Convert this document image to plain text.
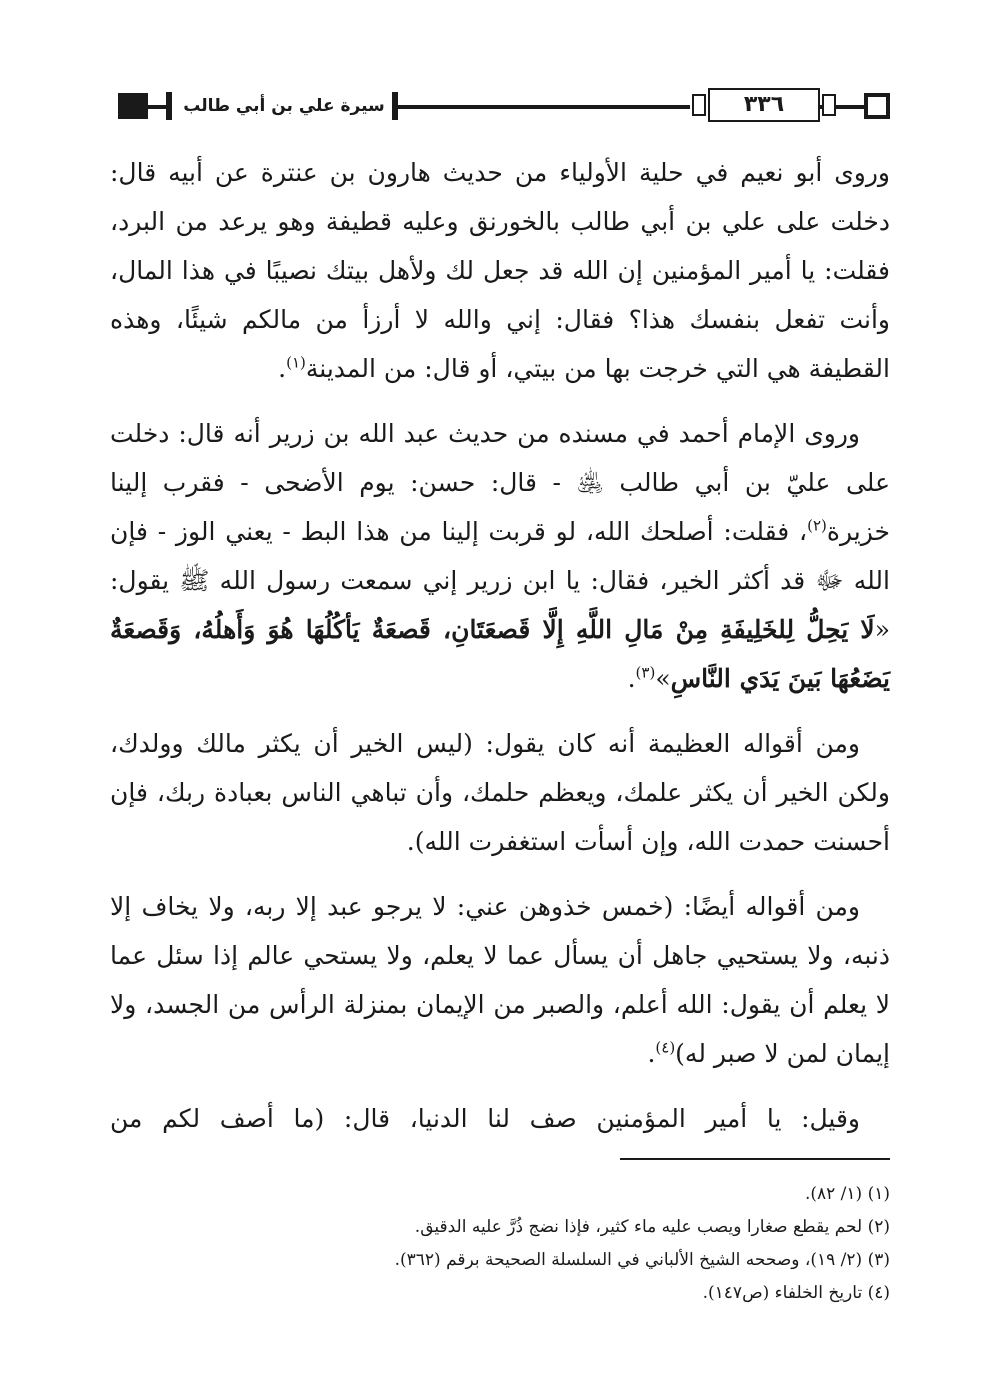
٣٣٦
سيرة علي بن أبي طالب

وروى أبو نعيم في حلية الأولياء من حديث هارون بن عنترة عن أبيه قال: دخلت على علي بن أبي طالب بالخورنق وعليه قطيفة وهو يرعد من البرد، فقلت: يا أمير المؤمنين إن الله قد جعل لك ولأهل بيتك نصيبًا في هذا المال، وأنت تفعل بنفسك هذا؟ فقال: إني والله لا أرزأ من مالكم شيئًا، وهذه القطيفة هي التي خرجت بها من بيتي، أو قال: من المدينة$^{(١)}$.

وروى الإمام أحمد في مسنده من حديث عبد الله بن زرير أنه قال: دخلت على عليّ بن أبي طالب ﵁ - قال: حسن: يوم الأضحى - فقرب إلينا خزيرة$^{(٢)}$، فقلت: أصلحك الله، لو قربت إلينا من هذا البط - يعني الوز - فإن الله ﷻ قد أكثر الخير، فقال: يا ابن زرير إني سمعت رسول الله ﷺ يقول: «لَا يَحِلُّ لِلخَلِيفَةِ مِنْ مَالِ اللَّهِ إِلَّا قَصعَتَانِ، قَصعَةٌ يَأكُلُهَا هُوَ وَأَهلُهُ، وَقَصعَةٌ يَضَعُهَا بَينَ يَدَي النَّاسِ»$^{(٣)}$.

ومن أقواله العظيمة أنه كان يقول: (ليس الخير أن يكثر مالك وولدك، ولكن الخير أن يكثر علمك، ويعظم حلمك، وأن تباهي الناس بعبادة ربك، فإن أحسنت حمدت الله، وإن أسأت استغفرت الله).

ومن أقواله أيضًا: (خمس خذوهن عني: لا يرجو عبد إلا ربه، ولا يخاف إلا ذنبه، ولا يستحيي جاهل أن يسأل عما لا يعلم، ولا يستحي عالم إذا سئل عما لا يعلم أن يقول: الله أعلم، والصبر من الإيمان بمنزلة الرأس من الجسد، ولا إيمان لمن لا صبر له)$^{(٤)}$.

وقيل: يا أمير المؤمنين صف لنا الدنيا، قال: (ما أصف لكم من

(١) (١/ ٨٢).

(٢) لحم يقطع صغارا ويصب عليه ماء كثير، فإذا نضج ذُرَّ عليه الدقيق.

(٣) (٢/ ١٩)، وصححه الشيخ الألباني في السلسلة الصحيحة برقم (٣٦٢).

(٤) تاريخ الخلفاء (ص١٤٧).
